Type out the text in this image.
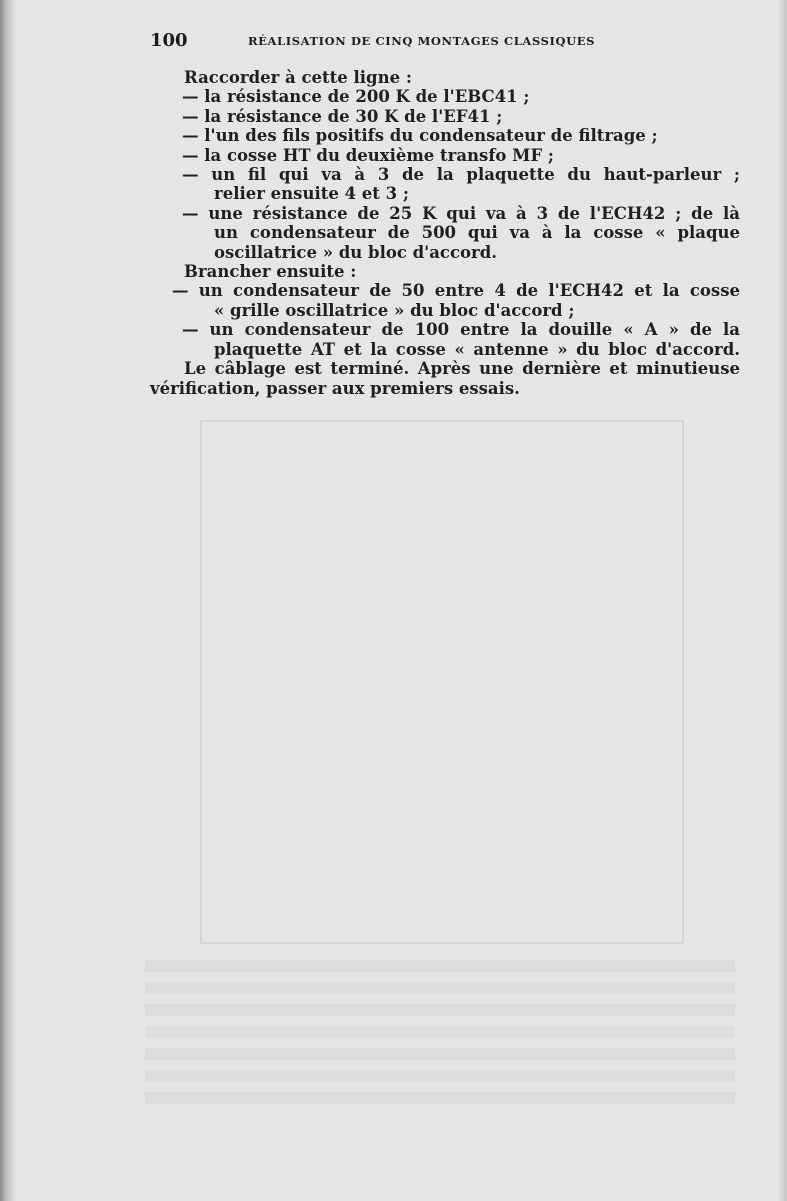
100	RÉALISATION DE CINQ MONTAGES CLASSIQUES
Raccorder à cette ligne :
— la résistance de 200 K de l'EBC41 ;
— la résistance de 30 K de l'EF41 ;
— l'un des fils positifs du condensateur de filtrage ;
— la cosse HT du deuxième transfo MF ;
— un fil qui va à 3 de la plaquette du haut-parleur ;
relier ensuite 4 et 3 ;
— une résistance de 25 K qui va à 3 de l'ECH42 ; de là
un condensateur de 500 qui va à la cosse « plaque
oscillatrice » du bloc d'accord.
Brancher ensuite :
— un condensateur de 50 entre 4 de l'ECH42 et la cosse
« grille oscillatrice » du bloc d'accord ;
— un condensateur de 100 entre la douille « A » de la
plaquette AT et la cosse « antenne » du bloc d'accord.
Le câblage est terminé. Après une dernière et minutieuse
vérification, passer aux premiers essais.
